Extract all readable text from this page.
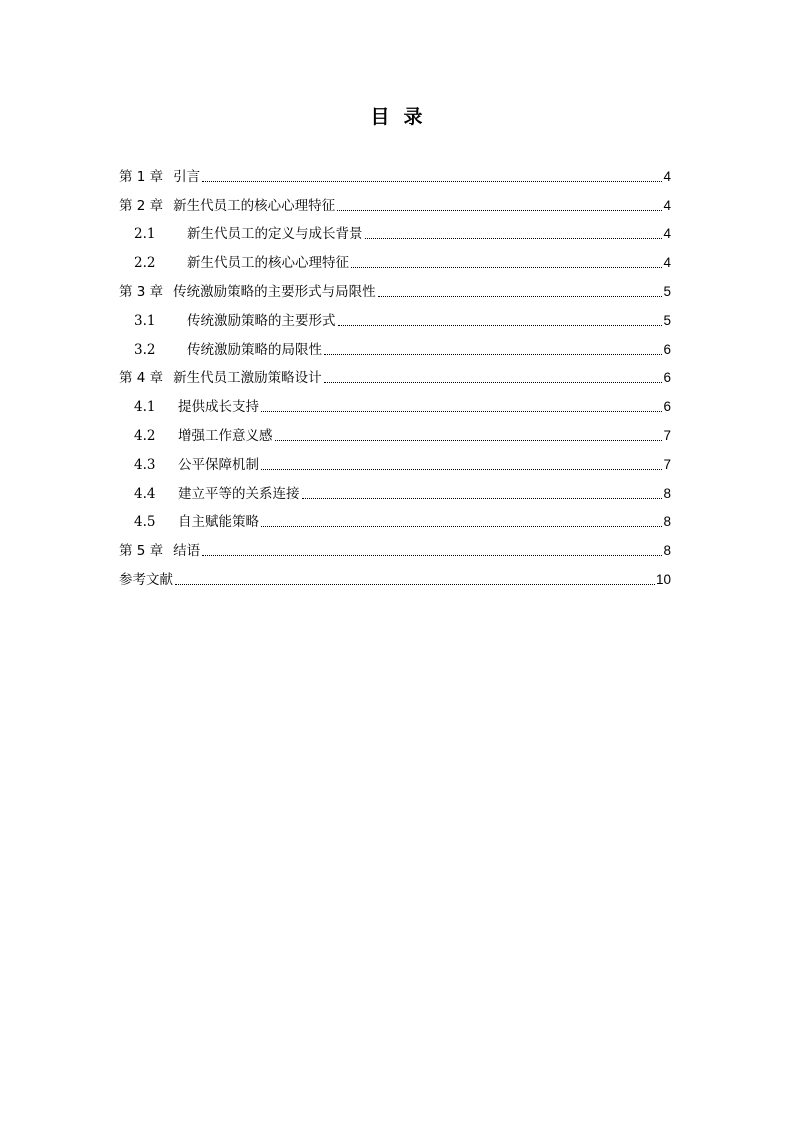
目录
第 1 章 引言	4
第 2 章 新生代员工的核心心理特征	4
2.1	新生代员工的定义与成长背景	4
2.2	新生代员工的核心心理特征	4
第 3 章 传统激励策略的主要形式与局限性	5
3.1	传统激励策略的主要形式	5
3.2	传统激励策略的局限性	6
第 4 章 新生代员工激励策略设计	6
4.1	提供成长支持	6
4.2	增强工作意义感	7
4.3	公平保障机制	7
4.4	建立平等的关系连接	8
4.5	自主赋能策略	8
第 5 章 结语	8
参考文献	10
